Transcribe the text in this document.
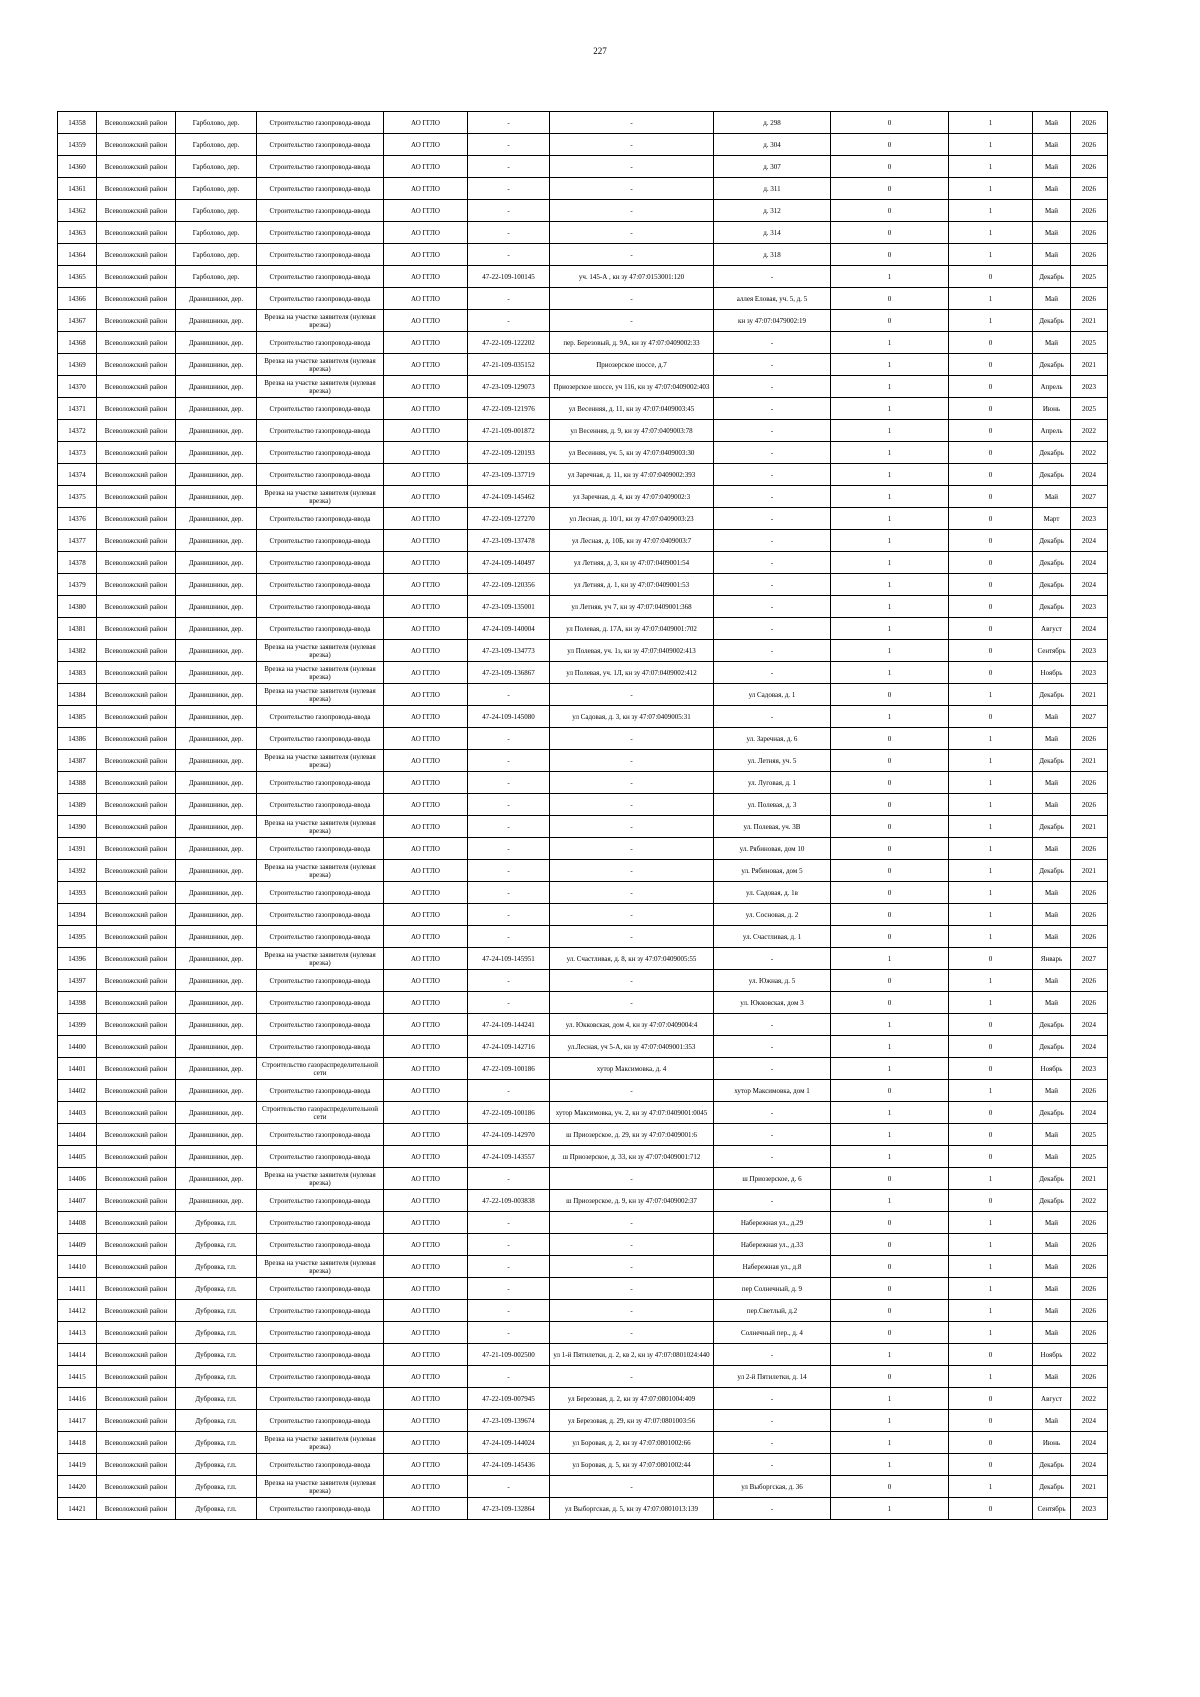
227
14358	Всеволожский район	Гарболово, дер.	Строительство газопровода-ввода	АО ГГЛО	-	-	д. 298	0	1	Май	2026
14359	Всеволожский район	Гарболово, дер.	Строительство газопровода-ввода	АО ГГЛО	-	-	д. 304	0	1	Май	2026
14360	Всеволожский район	Гарболово, дер.	Строительство газопровода-ввода	АО ГГЛО	-	-	д. 307	0	1	Май	2026
14361	Всеволожский район	Гарболово, дер.	Строительство газопровода-ввода	АО ГГЛО	-	-	д. 311	0	1	Май	2026
14362	Всеволожский район	Гарболово, дер.	Строительство газопровода-ввода	АО ГГЛО	-	-	д. 312	0	1	Май	2026
14363	Всеволожский район	Гарболово, дер.	Строительство газопровода-ввода	АО ГГЛО	-	-	д. 314	0	1	Май	2026
14364	Всеволожский район	Гарболово, дер.	Строительство газопровода-ввода	АО ГГЛО	-	-	д. 318	0	1	Май	2026
14365	Всеволожский район	Гарболово, дер.	Строительство газопровода-ввода	АО ГГЛО	47-22-109-100145	уч. 145-А , кн зу 47:07:0153001:120	-	1	0	Декабрь	2025
14366	Всеволожский район	Дранишники, дер.	Строительство газопровода-ввода	АО ГГЛО	-	-	аллея Еловая, уч. 5, д. 5	0	1	Май	2026
14367	Всеволожский район	Дранишники, дер.	Врезка на участке заявителя (нулевая врезка)	АО ГГЛО	-	-	кн зу 47:07:0479002:19	0	1	Декабрь	2021
14368	Всеволожский район	Дранишники, дер.	Строительство газопровода-ввода	АО ГГЛО	47-22-109-122202	пер. Березовый, д. 9А, кн зу 47:07:0409002:33	-	1	0	Май	2025
14369	Всеволожский район	Дранишники, дер.	Врезка на участке заявителя (нулевая врезка)	АО ГГЛО	47-21-109-035152	Приозерское шоссе, д.7	-	1	0	Декабрь	2021
14370	Всеволожский район	Дранишники, дер.	Врезка на участке заявителя (нулевая врезка)	АО ГГЛО	47-23-109-129073	Приозерское шоссе, уч 116, кн зу 47:07:0409002:403	-	1	0	Апрель	2023
14371	Всеволожский район	Дранишники, дер.	Строительство газопровода-ввода	АО ГГЛО	47-22-109-121976	ул Весенняя, д. 11, кн зу 47:07:0409003:45	-	1	0	Июнь	2025
14372	Всеволожский район	Дранишники, дер.	Строительство газопровода-ввода	АО ГГЛО	47-21-109-001872	ул Весенняя, д. 9, кн зу 47:07:0409003:78	-	1	0	Апрель	2022
14373	Всеволожский район	Дранишники, дер.	Строительство газопровода-ввода	АО ГГЛО	47-22-109-120193	ул Весенняя, уч. 5, кн зу 47:07:0409003:30	-	1	0	Декабрь	2022
14374	Всеволожский район	Дранишники, дер.	Строительство газопровода-ввода	АО ГГЛО	47-23-109-137719	ул Заречная, д. 11, кн зу 47:07:0409002:393	-	1	0	Декабрь	2024
14375	Всеволожский район	Дранишники, дер.	Врезка на участке заявителя (нулевая врезка)	АО ГГЛО	47-24-109-145462	ул Заречная, д. 4, кн зу 47:07:0409002:3	-	1	0	Май	2027
14376	Всеволожский район	Дранишники, дер.	Строительство газопровода-ввода	АО ГГЛО	47-22-109-127270	ул Лесная, д. 10/1, кн зу 47:07:0409003:23	-	1	0	Март	2023
14377	Всеволожский район	Дранишники, дер.	Строительство газопровода-ввода	АО ГГЛО	47-23-109-137478	ул Лесная, д. 10Б, кн зу 47:07:0409003:7	-	1	0	Декабрь	2024
14378	Всеволожский район	Дранишники, дер.	Строительство газопровода-ввода	АО ГГЛО	47-24-109-140497	ул Летняя, д. 3, кн зу 47:07:0409001:54	-	1	0	Декабрь	2024
14379	Всеволожский район	Дранишники, дер.	Строительство газопровода-ввода	АО ГГЛО	47-22-109-120356	ул Летняя, д. 1, кн зу 47:07:0409001:53	-	1	0	Декабрь	2024
14380	Всеволожский район	Дранишники, дер.	Строительство газопровода-ввода	АО ГГЛО	47-23-109-135001	ул Летняя, уч 7, кн зу 47:07:0409001:368	-	1	0	Декабрь	2023
14381	Всеволожский район	Дранишники, дер.	Строительство газопровода-ввода	АО ГГЛО	47-24-109-140004	ул Полевая, д. 17А, кн зу 47:07:0409001:702	-	1	0	Август	2024
14382	Всеволожский район	Дранишники, дер.	Врезка на участке заявителя (нулевая врезка)	АО ГГЛО	47-23-109-134773	ул Полевая, уч. 1з, кн зу 47:07:0409002:413	-	1	0	Сентябрь	2023
14383	Всеволожский район	Дранишники, дер.	Врезка на участке заявителя (нулевая врезка)	АО ГГЛО	47-23-109-136867	ул Полевая, уч. 1Л, кн зу 47:07:0409002:412	-	1	0	Ноябрь	2023
14384	Всеволожский район	Дранишники, дер.	Врезка на участке заявителя (нулевая врезка)	АО ГГЛО	-	-	ул Садовая, д. 1	0	1	Декабрь	2021
14385	Всеволожский район	Дранишники, дер.	Строительство газопровода-ввода	АО ГГЛО	47-24-109-145080	ул Садовая, д. 3, кн зу 47:07:0409005:31	-	1	0	Май	2027
14386	Всеволожский район	Дранишники, дер.	Строительство газопровода-ввода	АО ГГЛО	-	-	ул. Заречная, д. 6	0	1	Май	2026
14387	Всеволожский район	Дранишники, дер.	Врезка на участке заявителя (нулевая врезка)	АО ГГЛО	-	-	ул. Летняя, уч. 5	0	1	Декабрь	2021
14388	Всеволожский район	Дранишники, дер.	Строительство газопровода-ввода	АО ГГЛО	-	-	ул. Луговая, д. 1	0	1	Май	2026
14389	Всеволожский район	Дранишники, дер.	Строительство газопровода-ввода	АО ГГЛО	-	-	ул. Полевая, д. 3	0	1	Май	2026
14390	Всеволожский район	Дранишники, дер.	Врезка на участке заявителя (нулевая врезка)	АО ГГЛО	-	-	ул. Полевая, уч. 3В	0	1	Декабрь	2021
14391	Всеволожский район	Дранишники, дер.	Строительство газопровода-ввода	АО ГГЛО	-	-	ул. Рябиновая, дом 10	0	1	Май	2026
14392	Всеволожский район	Дранишники, дер.	Врезка на участке заявителя (нулевая врезка)	АО ГГЛО	-	-	ул. Рябиновая, дом 5	0	1	Декабрь	2021
14393	Всеволожский район	Дранишники, дер.	Строительство газопровода-ввода	АО ГГЛО	-	-	ул. Садовая, д. 1в	0	1	Май	2026
14394	Всеволожский район	Дранишники, дер.	Строительство газопровода-ввода	АО ГГЛО	-	-	ул. Сосновая, д. 2	0	1	Май	2026
14395	Всеволожский район	Дранишники, дер.	Строительство газопровода-ввода	АО ГГЛО	-	-	ул. Счастливая, д. 1	0	1	Май	2026
14396	Всеволожский район	Дранишники, дер.	Врезка на участке заявителя (нулевая врезка)	АО ГГЛО	47-24-109-145951	ул. Счастливая, д. 8, кн зу 47:07:0409005:55	-	1	0	Январь	2027
14397	Всеволожский район	Дранишники, дер.	Строительство газопровода-ввода	АО ГГЛО	-	-	ул. Южная, д. 5	0	1	Май	2026
14398	Всеволожский район	Дранишники, дер.	Строительство газопровода-ввода	АО ГГЛО	-	-	ул. Юкковская, дом 3	0	1	Май	2026
14399	Всеволожский район	Дранишники, дер.	Строительство газопровода-ввода	АО ГГЛО	47-24-109-144241	ул. Юкковская, дом 4, кн зу 47:07:0409004:4	-	1	0	Декабрь	2024
14400	Всеволожский район	Дранишники, дер.	Строительство газопровода-ввода	АО ГГЛО	47-24-109-142716	ул.Лесная, уч 5-А, кн зу 47:07:0409001:353	-	1	0	Декабрь	2024
14401	Всеволожский район	Дранишники, дер.	Строительство газораспределительной сети	АО ГГЛО	47-22-109-100186	хутор Максимовка, д. 4	-	1	0	Ноябрь	2023
14402	Всеволожский район	Дранишники, дер.	Строительство газопровода-ввода	АО ГГЛО	-	-	хутор Максимовка, дом 1	0	1	Май	2026
14403	Всеволожский район	Дранишники, дер.	Строительство газораспределительной сети	АО ГГЛО	47-22-109-100186	хутор Максимовка, уч. 2, кн зу 47:07:0409001:0045	-	1	0	Декабрь	2024
14404	Всеволожский район	Дранишники, дер.	Строительство газопровода-ввода	АО ГГЛО	47-24-109-142970	ш Приозерское, д. 29, кн зу 47:07:0409001:6	-	1	0	Май	2025
14405	Всеволожский район	Дранишники, дер.	Строительство газопровода-ввода	АО ГГЛО	47-24-109-143557	ш Приозерское, д. 33, кн зу 47:07:0409001:712	-	1	0	Май	2025
14406	Всеволожский район	Дранишники, дер.	Врезка на участке заявителя (нулевая врезка)	АО ГГЛО	-	-	ш Приозерское, д. 6	0	1	Декабрь	2021
14407	Всеволожский район	Дранишники, дер.	Строительство газопровода-ввода	АО ГГЛО	47-22-109-003838	ш Приозерское, д. 9, кн зу 47:07:0409002:37	-	1	0	Декабрь	2022
14408	Всеволожский район	Дубровка, г.п.	Строительство газопровода-ввода	АО ГГЛО	-	-	Набережная ул., д.29	0	1	Май	2026
14409	Всеволожский район	Дубровка, г.п.	Строительство газопровода-ввода	АО ГГЛО	-	-	Набережная ул., д.33	0	1	Май	2026
14410	Всеволожский район	Дубровка, г.п.	Врезка на участке заявителя (нулевая врезка)	АО ГГЛО	-	-	Набережная ул., д.8	0	1	Май	2026
14411	Всеволожский район	Дубровка, г.п.	Строительство газопровода-ввода	АО ГГЛО	-	-	пер Солнечный, д. 9	0	1	Май	2026
14412	Всеволожский район	Дубровка, г.п.	Строительство газопровода-ввода	АО ГГЛО	-	-	пер.Светлый, д.2	0	1	Май	2026
14413	Всеволожский район	Дубровка, г.п.	Строительство газопровода-ввода	АО ГГЛО	-	-	Солнечный пер., д. 4	0	1	Май	2026
14414	Всеволожский район	Дубровка, г.п.	Строительство газопровода-ввода	АО ГГЛО	47-21-109-002500	ул 1-й Пятилетки, д. 2, кв 2, кн зу 47:07:0801024:440	-	1	0	Ноябрь	2022
14415	Всеволожский район	Дубровка, г.п.	Строительство газопровода-ввода	АО ГГЛО	-	-	ул 2-й Пятилетки, д. 14	0	1	Май	2026
14416	Всеволожский район	Дубровка, г.п.	Строительство газопровода-ввода	АО ГГЛО	47-22-109-007945	ул Березовая, д. 2, кн зу 47:07:0801004:409	-	1	0	Август	2022
14417	Всеволожский район	Дубровка, г.п.	Строительство газопровода-ввода	АО ГГЛО	47-23-109-139674	ул Березовая, д. 29, кн зу 47:07:0801003:56	-	1	0	Май	2024
14418	Всеволожский район	Дубровка, г.п.	Врезка на участке заявителя (нулевая врезка)	АО ГГЛО	47-24-109-144024	ул Боровая, д. 2, кн зу 47:07:0801002:66	-	1	0	Июнь	2024
14419	Всеволожский район	Дубровка, г.п.	Строительство газопровода-ввода	АО ГГЛО	47-24-109-145436	ул Боровая, д. 5, кн зу 47:07:0801002:44	-	1	0	Декабрь	2024
14420	Всеволожский район	Дубровка, г.п.	Врезка на участке заявителя (нулевая врезка)	АО ГГЛО	-	-	ул Выборгская, д. 36	0	1	Декабрь	2021
14421	Всеволожский район	Дубровка, г.п.	Строительство газопровода-ввода	АО ГГЛО	47-23-109-132864	ул Выборгская, д. 5, кн зу 47:07:0801013:139	-	1	0	Сентябрь	2023
